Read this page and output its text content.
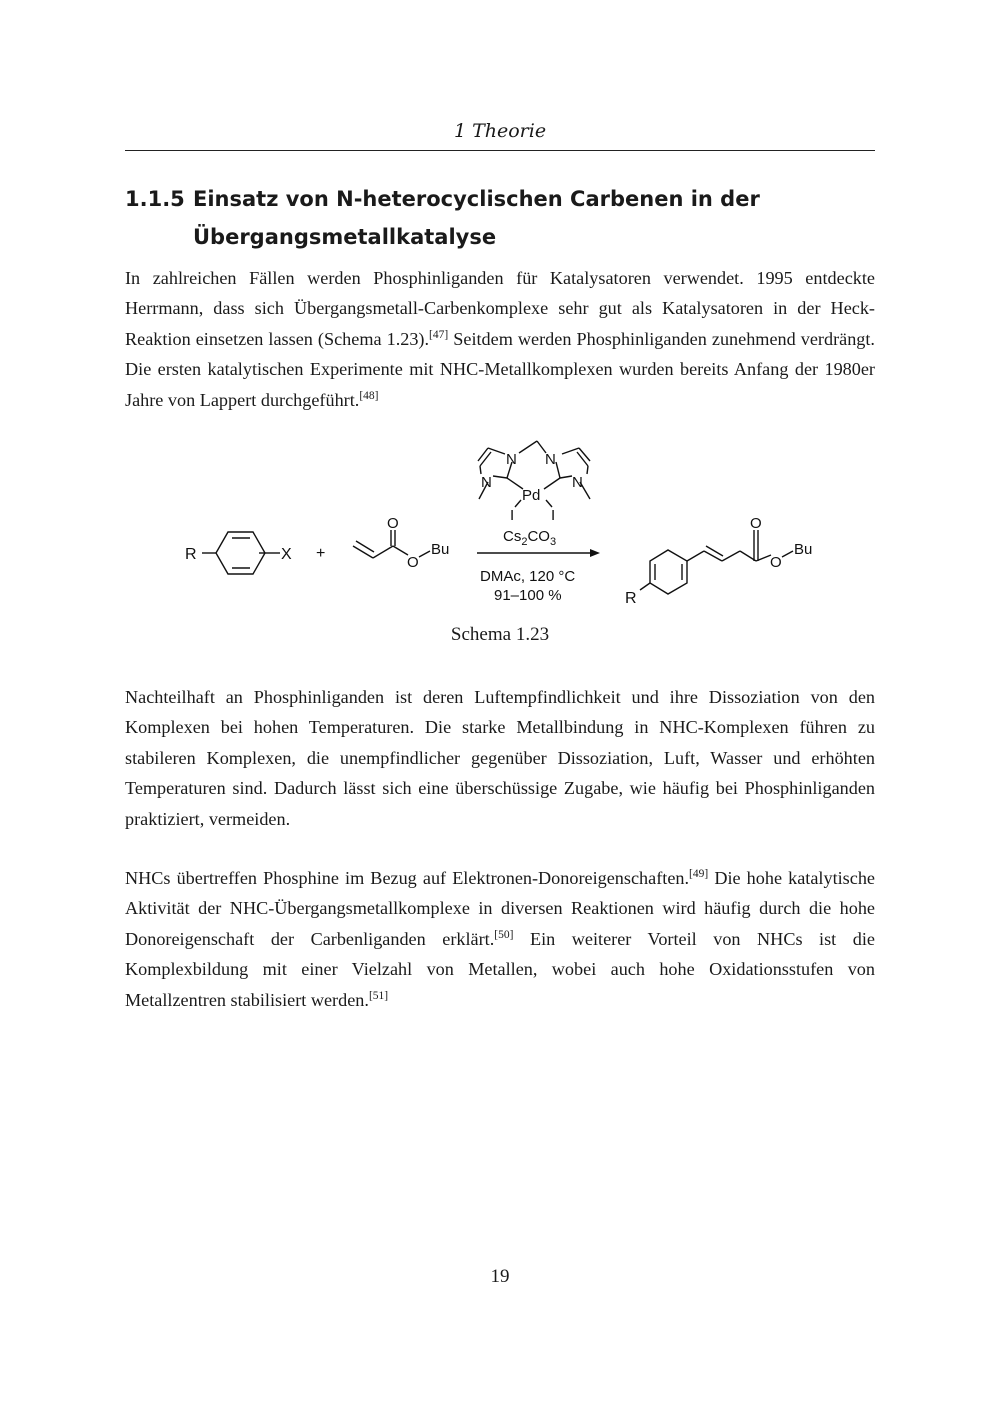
1 Theorie
1.1.5 Einsatz von N-heterocyclischen Carbenen in der
Übergangsmetallkatalyse

In zahlreichen Fällen werden Phosphinliganden für Katalysatoren verwendet. 1995 entdeckte Herrmann, dass sich Übergangsmetall-Carbenkomplexe sehr gut als Katalysatoren in der Heck-Reaktion einsetzen lassen (Schema 1.23).[47] Seitdem werden Phosphinliganden zunehmend verdrängt. Die ersten katalytischen Experimente mit NHC-Metallkomplexen wurden bereits Anfang der 1980er Jahre von Lappert durchgeführt.[48]

R	X +
O
O
Bu
N N
N	N
Pd
I I
$Cs_2CO_3$
DMAc, 120 °C
91–100 %	R
O
O
Bu
Schema 1.23

Nachteilhaft an Phosphinliganden ist deren Luftempfindlichkeit und ihre Dissoziation von den Komplexen bei hohen Temperaturen. Die starke Metallbindung in NHC-Komplexen führen zu stabileren Komplexen, die unempfindlicher gegenüber Dissoziation, Luft, Wasser und erhöhten Temperaturen sind. Dadurch lässt sich eine überschüssige Zugabe, wie häufig bei Phosphinliganden praktiziert, vermeiden.

NHCs übertreffen Phosphine im Bezug auf Elektronen-Donoreigenschaften.[49] Die hohe katalytische Aktivität der NHC-Übergangsmetallkomplexe in diversen Reaktionen wird häufig durch die hohe Donoreigenschaft der Carbenliganden erklärt.[50] Ein weiterer Vorteil von NHCs ist die Komplexbildung mit einer Vielzahl von Metallen, wobei auch hohe Oxidationsstufen von Metallzentren stabilisiert werden.[51]

19
